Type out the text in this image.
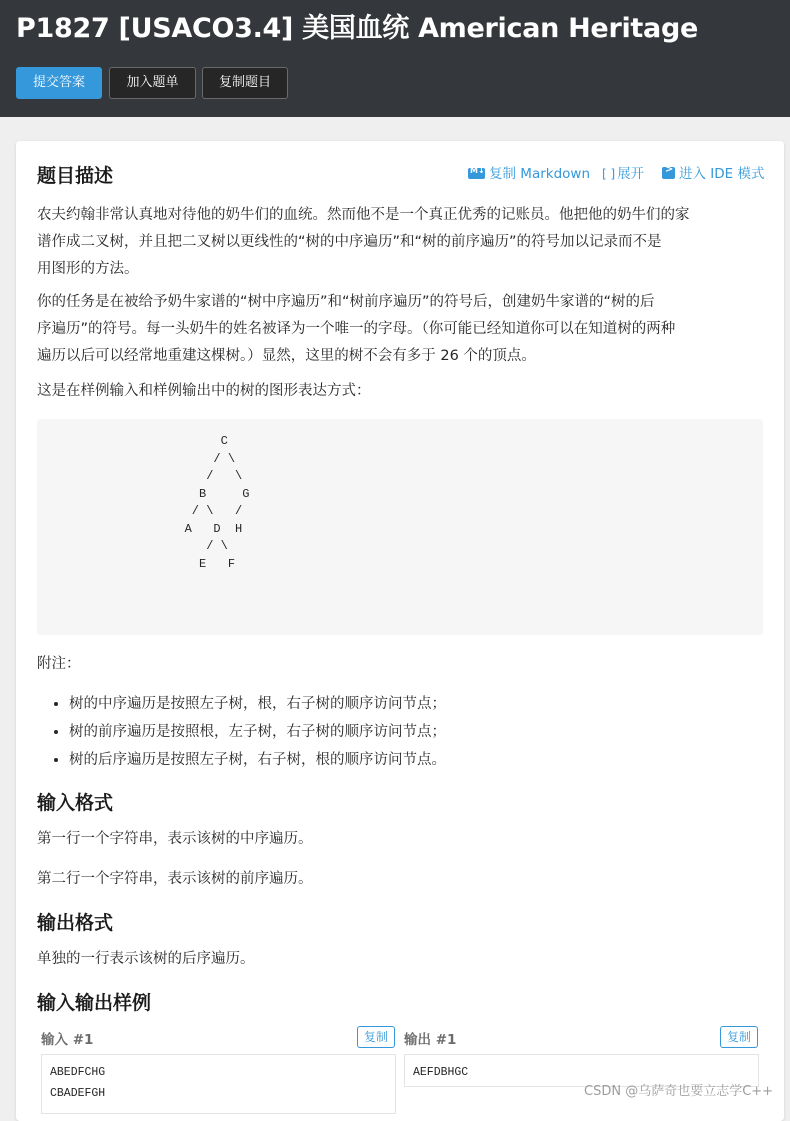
P1827 [USACO3.4] 美国血统 American Heritage
提交答案	加入题单	复制题目
题目描述 M↓	复制 Markdown [ ] 展开 >	进入 IDE 模式
农夫约翰非常认真地对待他的奶牛们的血统。然而他不是一个真正优秀的记账员。他把他的奶牛们的家
谱作成二叉树，并且把二叉树以更线性的“树的中序遍历”和“树的前序遍历”的符号加以记录而不是
用图形的方法。
你的任务是在被给予奶牛家谱的“树中序遍历”和“树前序遍历”的符号后，创建奶牛家谱的“树的后
序遍历”的符号。每一头奶牛的姓名被译为一个唯一的字母。（你可能已经知道你可以在知道树的两种
遍历以后可以经常地重建这棵树。）显然，这里的树不会有多于 26 个的顶点。
这是在样例输入和样例输出中的树的图形表达方式：
C
/ \
/   \
B     G
/ \   /
A   D  H
/ \
E   F
附注：
• 树的中序遍历是按照左子树，根，右子树的顺序访问节点；
• 树的前序遍历是按照根，左子树，右子树的顺序访问节点；
• 树的后序遍历是按照左子树，右子树，根的顺序访问节点。
输入格式
第一行一个字符串，表示该树的中序遍历。
第二行一个字符串，表示该树的前序遍历。
输出格式
单独的一行表示该树的后序遍历。
输入输出样例
输入 #1	复制
ABEDFCHG
CBADEFGH
输出 #1	复制
AEFDBHGC
CSDN @乌萨奇也要立志学C++
